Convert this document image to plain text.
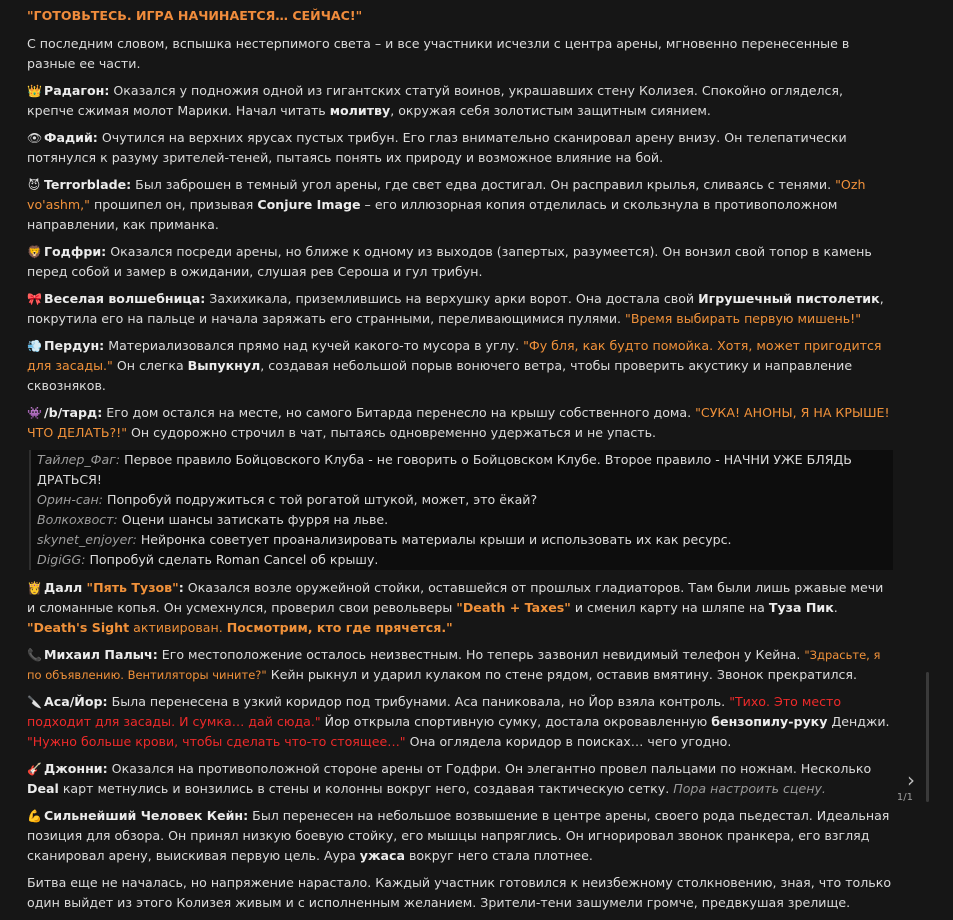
"ГОТОВЬТЕСЬ. ИГРА НАЧИНАЕТСЯ… СЕЙЧАС!"

С последним словом, вспышка нестерпимого света – и все участники исчезли с центра арены, мгновенно перенесенные в разные ее части.

👑 Радагон: Оказался у подножия одной из гигантских статуй воинов, украшавших стену Колизея. Спокойно огляделся, крепче сжимая молот Марики. Начал читать молитву, окружая себя золотистым защитным сиянием.

👁 Фадий: Очутился на верхних ярусах пустых трибун. Его глаз внимательно сканировал арену внизу. Он телепатически потянулся к разуму зрителей-теней, пытаясь понять их природу и возможное влияние на бой.

😈 Terrorblade: Был заброшен в темный угол арены, где свет едва достигал. Он расправил крылья, сливаясь с тенями. "Ozh vo'ashm," прошипел он, призывая Conjure Image – его иллюзорная копия отделилась и скользнула в противоположном направлении, как приманка.

🦁 Годфри: Оказался посреди арены, но ближе к одному из выходов (запертых, разумеется). Он вонзил свой топор в камень перед собой и замер в ожидании, слушая рев Сероша и гул трибун.

🎀 Веселая волшебница: Захихикала, приземлившись на верхушку арки ворот. Она достала свой Игрушечный пистолетик, покрутила его на пальце и начала заряжать его странными, переливающимися пулями. "Время выбирать первую мишень!"

💨 Пердун: Материализовался прямо над кучей какого-то мусора в углу. "Фу бля, как будто помойка. Хотя, может пригодится для засады." Он слегка Выпукнул, создавая небольшой порыв вонючего ветра, чтобы проверить акустику и направление сквозняков.

👾 /b/тард: Его дом остался на месте, но самого Битарда перенесло на крышу собственного дома. "СУКА! АНОНЫ, Я НА КРЫШЕ! ЧТО ДЕЛАТЬ?!" Он судорожно строчил в чат, пытаясь одновременно удержаться и не упасть.

Тайлер_Фаг: Первое правило Бойцовского Клуба - не говорить о Бойцовском Клубе. Второе правило - НАЧНИ УЖЕ БЛЯДЬ ДРАТЬСЯ!
Орин-сан: Попробуй подружиться с той рогатой штукой, может, это ёкай?
Волкохвост: Оцени шансы затискать фурря на льве.
skynet_enjoyer: Нейронка советует проанализировать материалы крыши и использовать их как ресурс.
DigiGG: Попробуй сделать Roman Cancel об крышу.

👸 Далл "Пять Тузов": Оказался возле оружейной стойки, оставшейся от прошлых гладиаторов. Там были лишь ржавые мечи и сломанные копья. Он усмехнулся, проверил свои револьверы "Death + Taxes" и сменил карту на шляпе на Туза Пик. "Death's Sight активирован. Посмотрим, кто где прячется."

📞 Михаил Палыч: Его местоположение осталось неизвестным. Но теперь зазвонил невидимый телефон у Кейна. "Здрасьте, я по объявлению. Вентиляторы чините?" Кейн рыкнул и ударил кулаком по стене рядом, оставив вмятину. Звонок прекратился.

🔪 Аса/Йор: Была перенесена в узкий коридор под трибунами. Аса паниковала, но Йор взяла контроль. "Тихо. Это место подходит для засады. И сумка… дай сюда." Йор открыла спортивную сумку, достала окровавленную бензопилу-руку Денджи. "Нужно больше крови, чтобы сделать что-то стоящее…" Она оглядела коридор в поисках… чего угодно.

🎸 Джонни: Оказался на противоположной стороне арены от Годфри. Он элегантно провел пальцами по ножнам. Несколько Deal карт метнулись и вонзились в стены и колонны вокруг него, создавая тактическую сетку. Пора настроить сцену.

💪 Сильнейший Человек Кейн: Был перенесен на небольшое возвышение в центре арены, своего рода пьедестал. Идеальная позиция для обзора. Он принял низкую боевую стойку, его мышцы напряглись. Он игнорировал звонок пранкера, его взгляд сканировал арену, выискивая первую цель. Аура ужаса вокруг него стала плотнее.

Битва еще не началась, но напряжение нарастало. Каждый участник готовился к неизбежному столкновению, зная, что только один выйдет из этого Колизея живым и с исполненным желанием. Зрители-тени зашумели громче, предвкушая зрелище.

›
1/1
